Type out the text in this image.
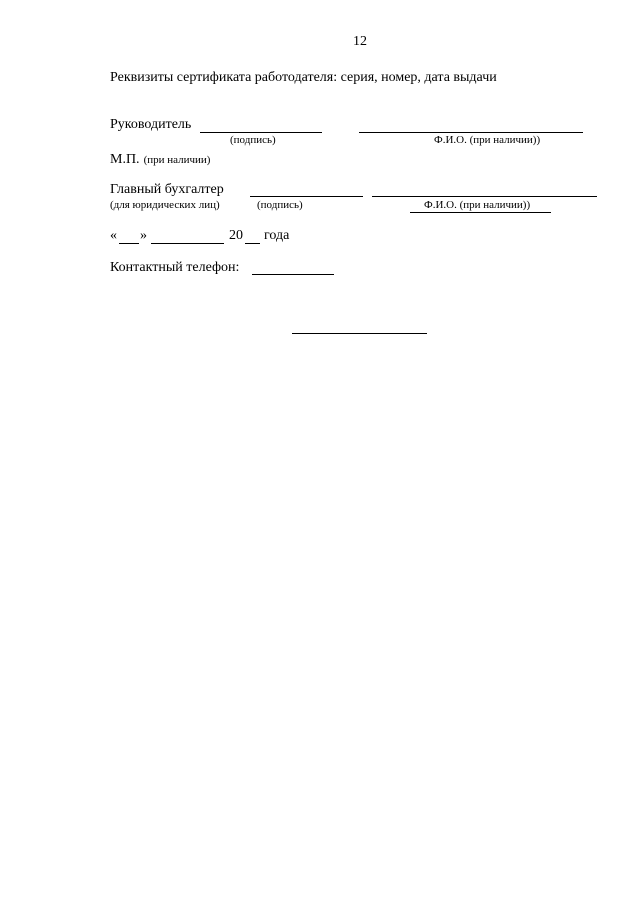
12
Реквизиты сертификата работодателя: серия, номер, дата выдачи
Руководитель
(подпись)	Ф.И.О. (при наличии))
М.П. (при наличии)
Главный бухгалтер
(для юридических лиц)	(подпись)	Ф.И.О. (при наличии))
« »	20 года
Контактный телефон:
